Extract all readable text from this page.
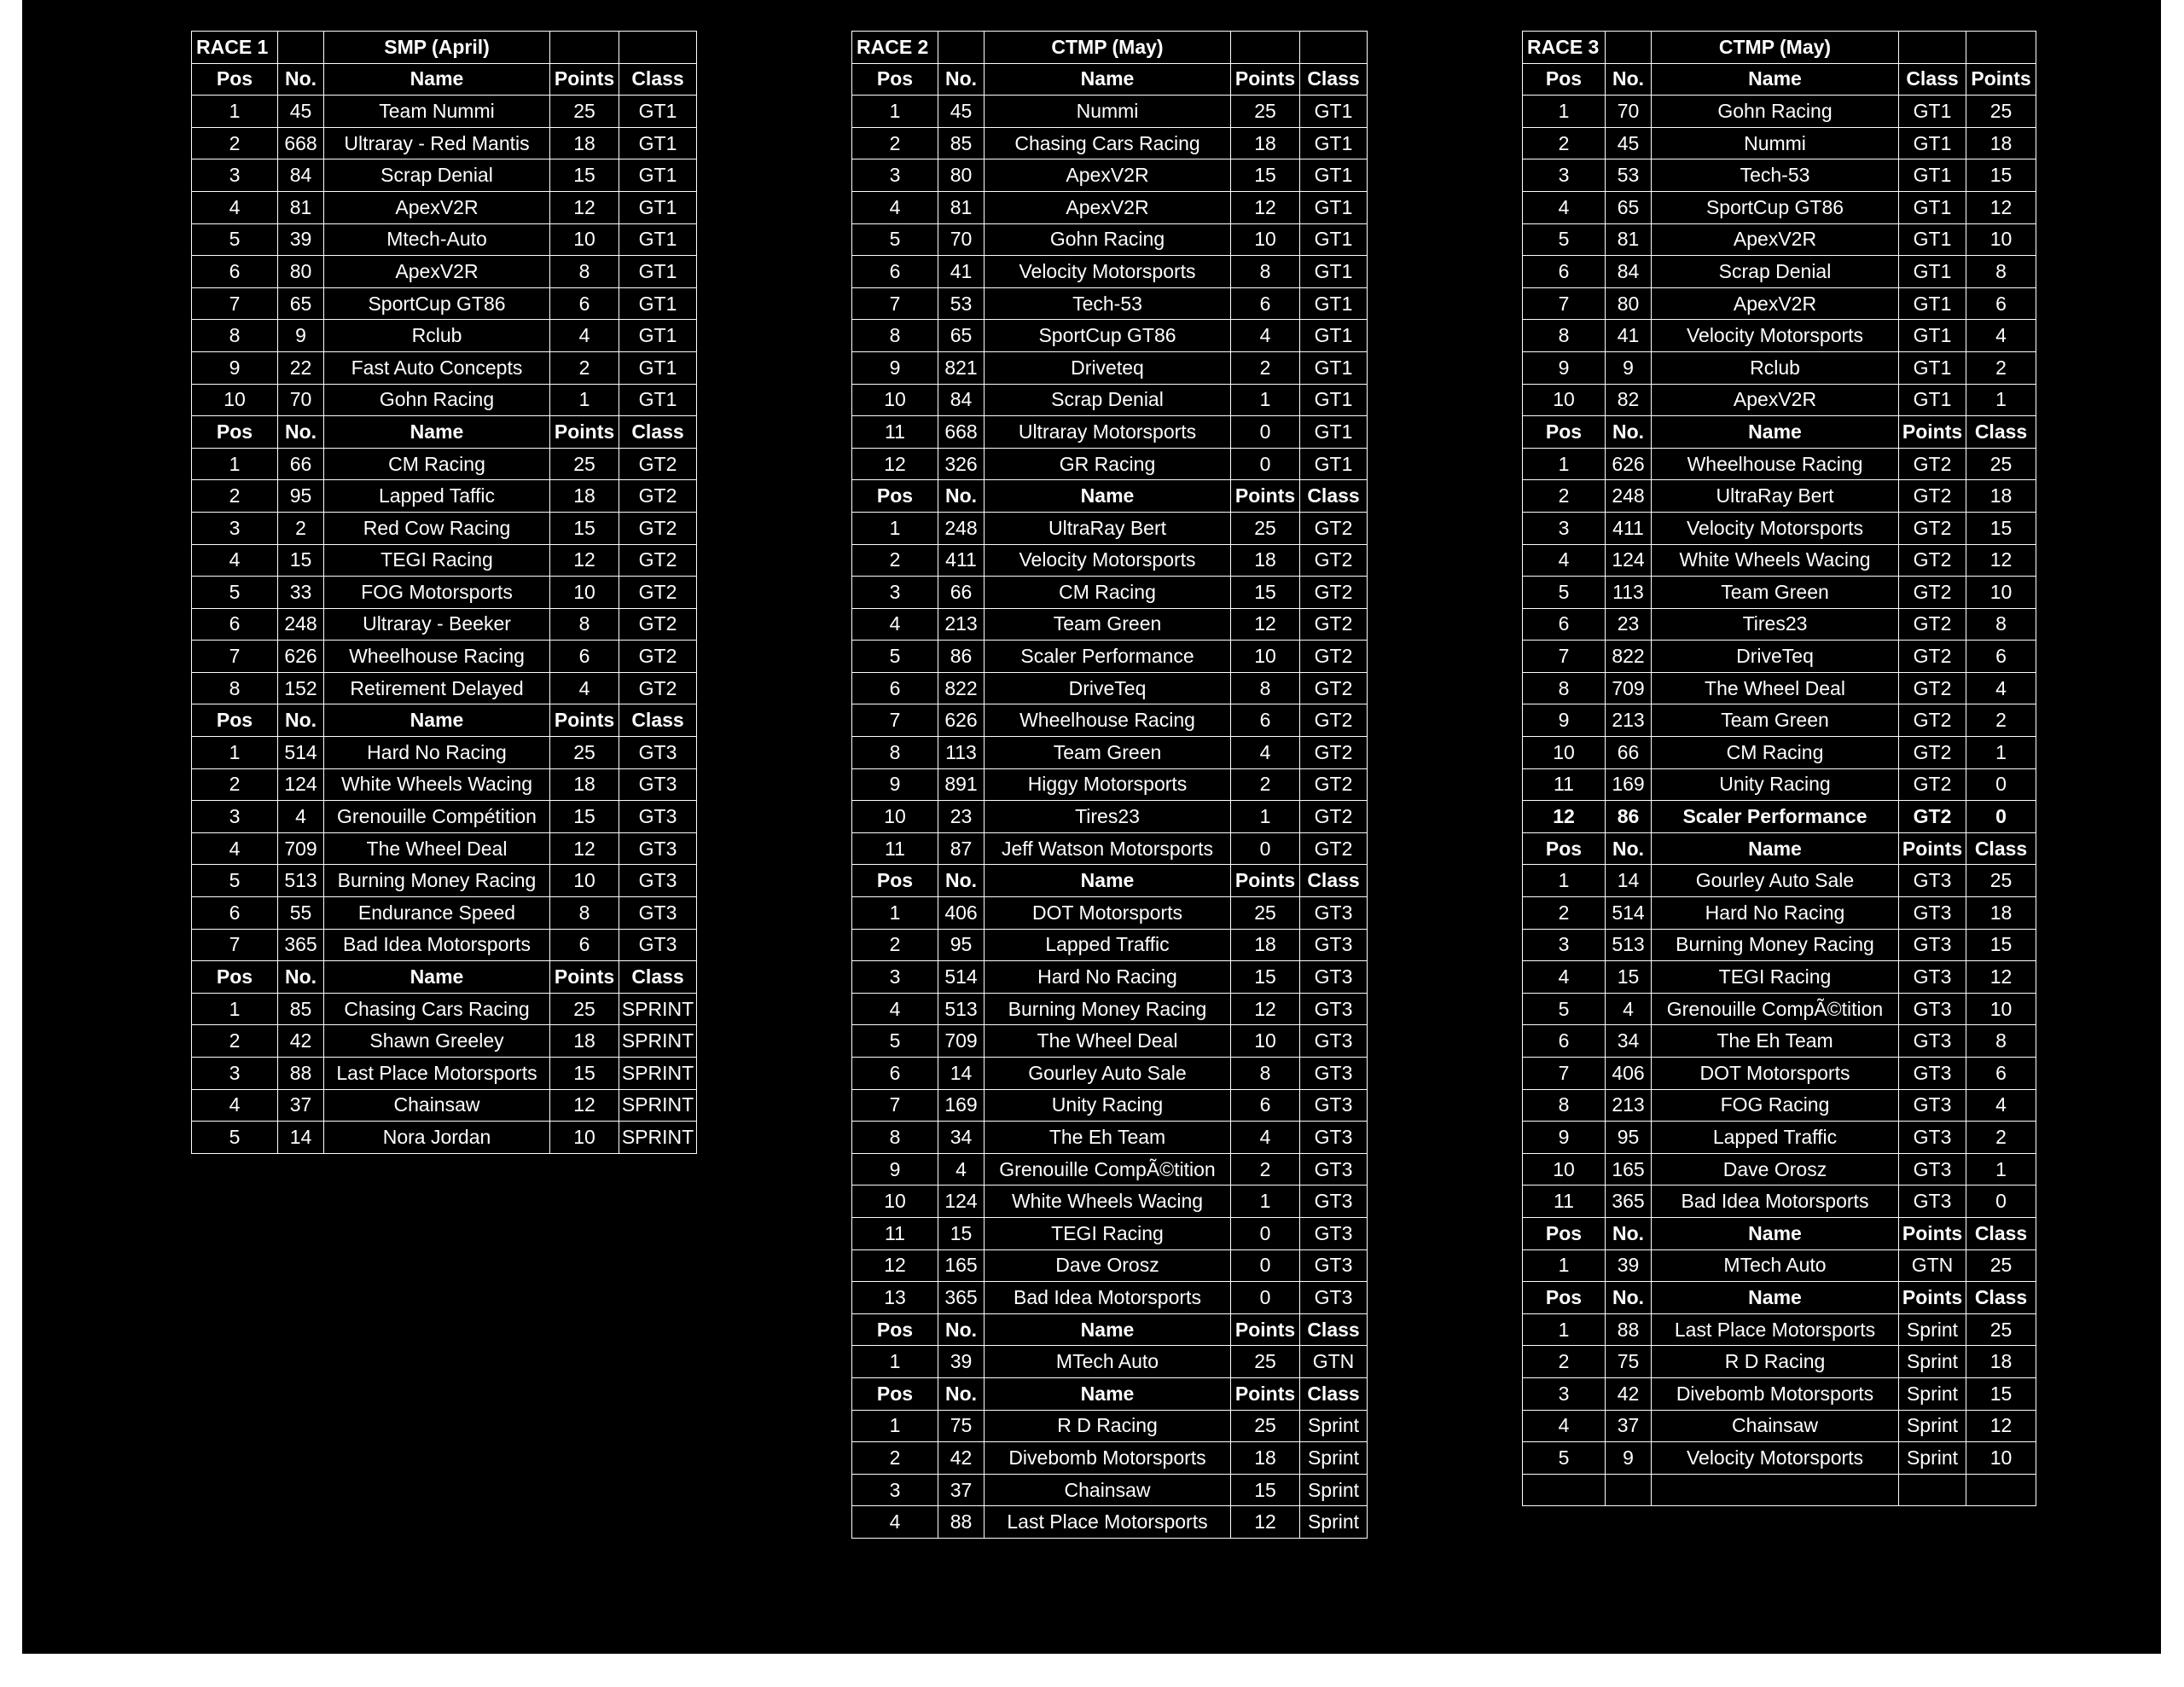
RACE 1		SMP (April)		
Pos	No.	Name	Points	Class
1	45	Team Nummi	25	GT1
2	668	Ultraray - Red Mantis	18	GT1
3	84	Scrap Denial	15	GT1
4	81	ApexV2R	12	GT1
5	39	Mtech-Auto	10	GT1
6	80	ApexV2R	8	GT1
7	65	SportCup GT86	6	GT1
8	9	Rclub	4	GT1
9	22	Fast Auto Concepts	2	GT1
10	70	Gohn Racing	1	GT1
Pos	No.	Name	Points	Class
1	66	CM Racing	25	GT2
2	95	Lapped Taffic	18	GT2
3	2	Red Cow Racing	15	GT2
4	15	TEGI Racing	12	GT2
5	33	FOG Motorsports	10	GT2
6	248	Ultraray - Beeker	8	GT2
7	626	Wheelhouse Racing	6	GT2
8	152	Retirement Delayed	4	GT2
Pos	No.	Name	Points	Class
1	514	Hard No Racing	25	GT3
2	124	White Wheels Wacing	18	GT3
3	4	Grenouille Compétition	15	GT3
4	709	The Wheel Deal	12	GT3
5	513	Burning Money Racing	10	GT3
6	55	Endurance Speed	8	GT3
7	365	Bad Idea Motorsports	6	GT3
Pos	No.	Name	Points	Class
1	85	Chasing Cars Racing	25	SPRINT
2	42	Shawn Greeley	18	SPRINT
3	88	Last Place Motorsports	15	SPRINT
4	37	Chainsaw	12	SPRINT
5	14	Nora Jordan	10	SPRINT
RACE 2		CTMP (May)		
Pos	No.	Name	Points	Class
1	45	Nummi	25	GT1
2	85	Chasing Cars Racing	18	GT1
3	80	ApexV2R	15	GT1
4	81	ApexV2R	12	GT1
5	70	Gohn Racing	10	GT1
6	41	Velocity Motorsports	8	GT1
7	53	Tech-53	6	GT1
8	65	SportCup GT86	4	GT1
9	821	Driveteq	2	GT1
10	84	Scrap Denial	1	GT1
11	668	Ultraray Motorsports	0	GT1
12	326	GR Racing	0	GT1
Pos	No.	Name	Points	Class
1	248	UltraRay Bert	25	GT2
2	411	Velocity Motorsports	18	GT2
3	66	CM Racing	15	GT2
4	213	Team Green	12	GT2
5	86	Scaler Performance	10	GT2
6	822	DriveTeq	8	GT2
7	626	Wheelhouse Racing	6	GT2
8	113	Team Green	4	GT2
9	891	Higgy Motorsports	2	GT2
10	23	Tires23	1	GT2
11	87	Jeff Watson Motorsports	0	GT2
Pos	No.	Name	Points	Class
1	406	DOT Motorsports	25	GT3
2	95	Lapped Traffic	18	GT3
3	514	Hard No Racing	15	GT3
4	513	Burning Money Racing	12	GT3
5	709	The Wheel Deal	10	GT3
6	14	Gourley Auto Sale	8	GT3
7	169	Unity Racing	6	GT3
8	34	The Eh Team	4	GT3
9	4	Grenouille CompÃ©tition	2	GT3
10	124	White Wheels Wacing	1	GT3
11	15	TEGI Racing	0	GT3
12	165	Dave Orosz	0	GT3
13	365	Bad Idea Motorsports	0	GT3
Pos	No.	Name	Points	Class
1	39	MTech Auto	25	GTN
Pos	No.	Name	Points	Class
1	75	R D Racing	25	Sprint
2	42	Divebomb Motorsports	18	Sprint
3	37	Chainsaw	15	Sprint
4	88	Last Place Motorsports	12	Sprint
RACE 3		CTMP (May)		
Pos	No.	Name	Class	Points
1	70	Gohn Racing	GT1	25
2	45	Nummi	GT1	18
3	53	Tech-53	GT1	15
4	65	SportCup GT86	GT1	12
5	81	ApexV2R	GT1	10
6	84	Scrap Denial	GT1	8
7	80	ApexV2R	GT1	6
8	41	Velocity Motorsports	GT1	4
9	9	Rclub	GT1	2
10	82	ApexV2R	GT1	1
Pos	No.	Name	Points	Class
1	626	Wheelhouse Racing	GT2	25
2	248	UltraRay Bert	GT2	18
3	411	Velocity Motorsports	GT2	15
4	124	White Wheels Wacing	GT2	12
5	113	Team Green	GT2	10
6	23	Tires23	GT2	8
7	822	DriveTeq	GT2	6
8	709	The Wheel Deal	GT2	4
9	213	Team Green	GT2	2
10	66	CM Racing	GT2	1
11	169	Unity Racing	GT2	0
12	86	Scaler Performance	GT2	0
Pos	No.	Name	Points	Class
1	14	Gourley Auto Sale	GT3	25
2	514	Hard No Racing	GT3	18
3	513	Burning Money Racing	GT3	15
4	15	TEGI Racing	GT3	12
5	4	Grenouille CompÃ©tition	GT3	10
6	34	The Eh Team	GT3	8
7	406	DOT Motorsports	GT3	6
8	213	FOG Racing	GT3	4
9	95	Lapped Traffic	GT3	2
10	165	Dave Orosz	GT3	1
11	365	Bad Idea Motorsports	GT3	0
Pos	No.	Name	Points	Class
1	39	MTech Auto	GTN	25
Pos	No.	Name	Points	Class
1	88	Last Place Motorsports	Sprint	25
2	75	R D Racing	Sprint	18
3	42	Divebomb Motorsports	Sprint	15
4	37	Chainsaw	Sprint	12
5	9	Velocity Motorsports	Sprint	10
